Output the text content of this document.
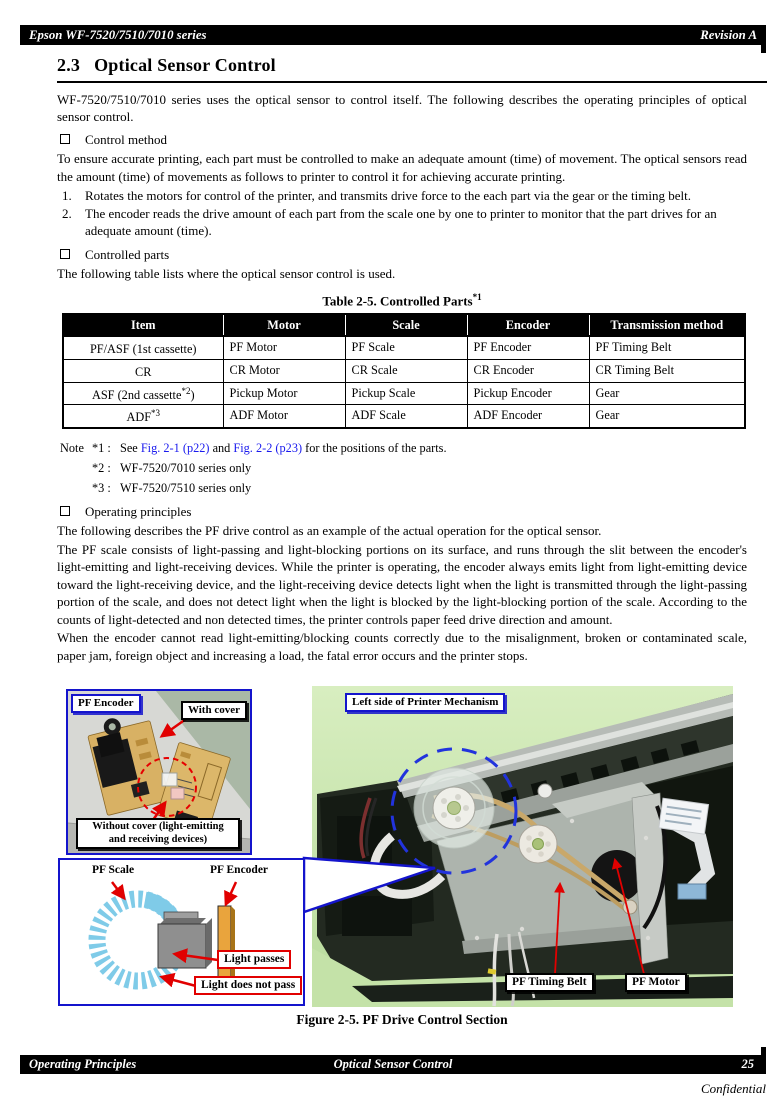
Epson WF-7520/7510/7010 series	Revision A
2.3 Optical Sensor Control

WF-7520/7510/7010 series uses the optical sensor to control itself. The following describes the operating principles of optical sensor control.

Control method

To ensure accurate printing, each part must be controlled to make an adequate amount (time) of movement. The optical sensors read the amount (time) of movements as follows to printer to control it for achieving accurate printing.

1.	Rotates the motors for control of the printer, and transmits drive force to the each part via the gear or the timing belt.
2.	The encoder reads the drive amount of each part from the scale one by one to printer to monitor that the part drives for an adequate amount (time).
Controlled parts

The following table lists where the optical sensor control is used.

Table 2-5. Controlled Parts$^{*1}$
Item	Motor	Scale	Encoder	Transmission method
PF/ASF (1st cassette)	PF Motor	PF Scale	PF Encoder	PF Timing Belt
CR	CR Motor	CR Scale	CR Encoder	CR Timing Belt
ASF (2nd cassette$^{*2}$)	Pickup Motor	Pickup Scale	Pickup Encoder	Gear
ADF$^{*3}$	ADF Motor	ADF Scale	ADF Encoder	Gear
Note *1 : See Fig. 2-1 (p22) and Fig. 2-2 (p23) for the positions of the parts.
*2 : WF-7520/7010 series only
*3 : WF-7520/7510 series only
Operating principles

The following describes the PF drive control as an example of the actual operation for the optical sensor.

The PF scale consists of light-passing and light-blocking portions on its surface, and runs through the slit between the encoder's light-emitting and light-receiving devices. While the printer is operating, the encoder always emits light from light-emitting device toward the light-receiving device, and the light-receiving device detects light when the light is transmitted through the light-passing portion of the scale, and does not detect light when the light is blocked by the light-blocking portion of the scale. According to the counts of light-detected and non detected times, the printer controls paper feed drive direction and amount.

When the encoder cannot read light-emitting/blocking counts correctly due to the misalignment, broken or contaminated scale, paper jam, foreign object and increasing a load, the fatal error occurs and the printer stops.

Left side of Printer Mechanism
PF Timing Belt	PF Motor
PF Encoder
With cover
Without cover (light-emitting
and receiving devices)
PF Scale	PF Encoder
Light passes
Light does not pass
Figure 2-5. PF Drive Control Section
Operating Principles	Optical Sensor Control	25
Confidential
